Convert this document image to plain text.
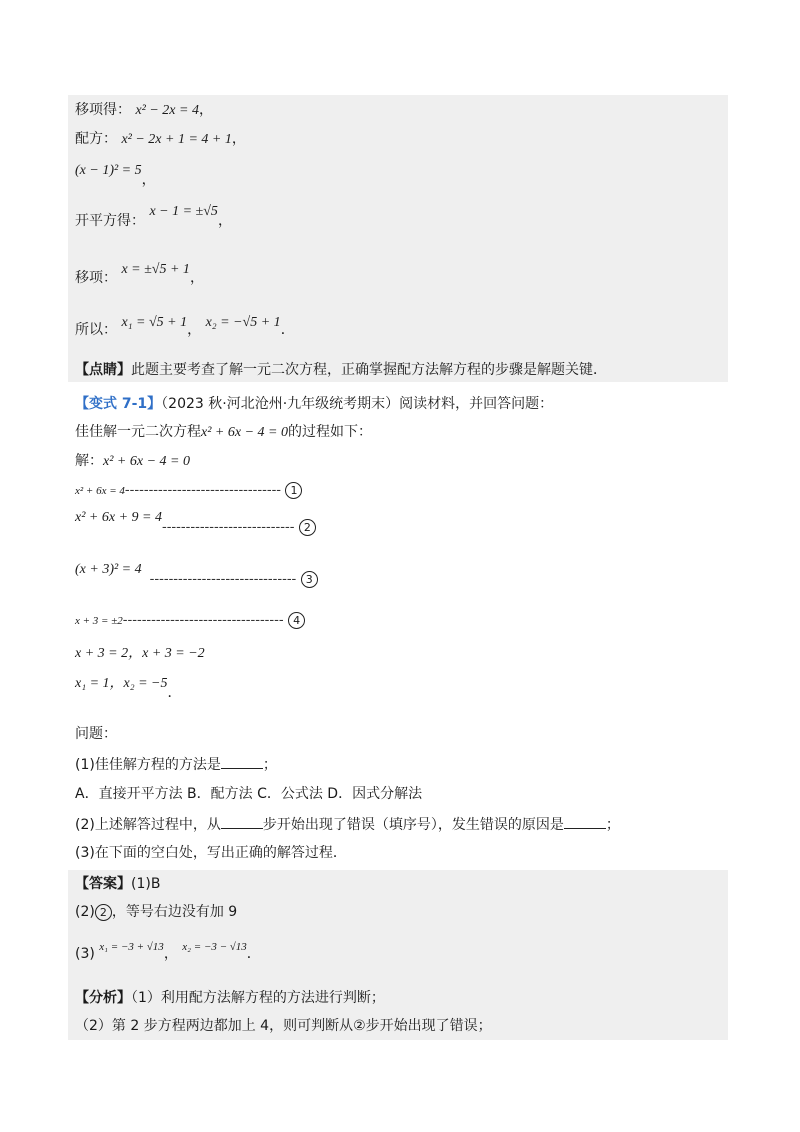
移项得： x² − 2x = 4，
配方： x² − 2x + 1 = 4 + 1，
(x − 1)² = 5，
开平方得： x − 1 = ±√5，
移项： x = ±√5 + 1，
所以： x₁ = √5 + 1， x₂ = −√5 + 1．
【点睛】此题主要考查了解一元二次方程，正确掌握配方法解方程的步骤是解题关键．
【变式 7-1】（2023 秋·河北沧州·九年级统考期末）阅读材料，并回答问题：
佳佳解一元二次方程x² + 6x − 4 = 0的过程如下：
解：x² + 6x − 4 = 0
x² + 6x = 4--------------------------------- 1
x² + 6x + 9 = 4---------------------------- 2
(x + 3)² = 4------------------------------- 3
x + 3 = ±2---------------------------------- 4
x + 3 = 2，x + 3 = −2
x₁ = 1，x₂ = −5．
问题：
(1)佳佳解方程的方法是	；
A．直接开平方法 B．配方法 C．公式法 D．因式分解法
(2)上述解答过程中，从	步开始出现了错误（填序号），发生错误的原因是	；
(3)在下面的空白处，写出正确的解答过程．
【答案】(1)B
(2) 2 ，等号右边没有加 9
(3) x₁ = −3 + √13， x₂ = −3 − √13．
【分析】（1）利用配方法解方程的方法进行判断；
（2）第 2 步方程两边都加上 4，则可判断从②步开始出现了错误；
